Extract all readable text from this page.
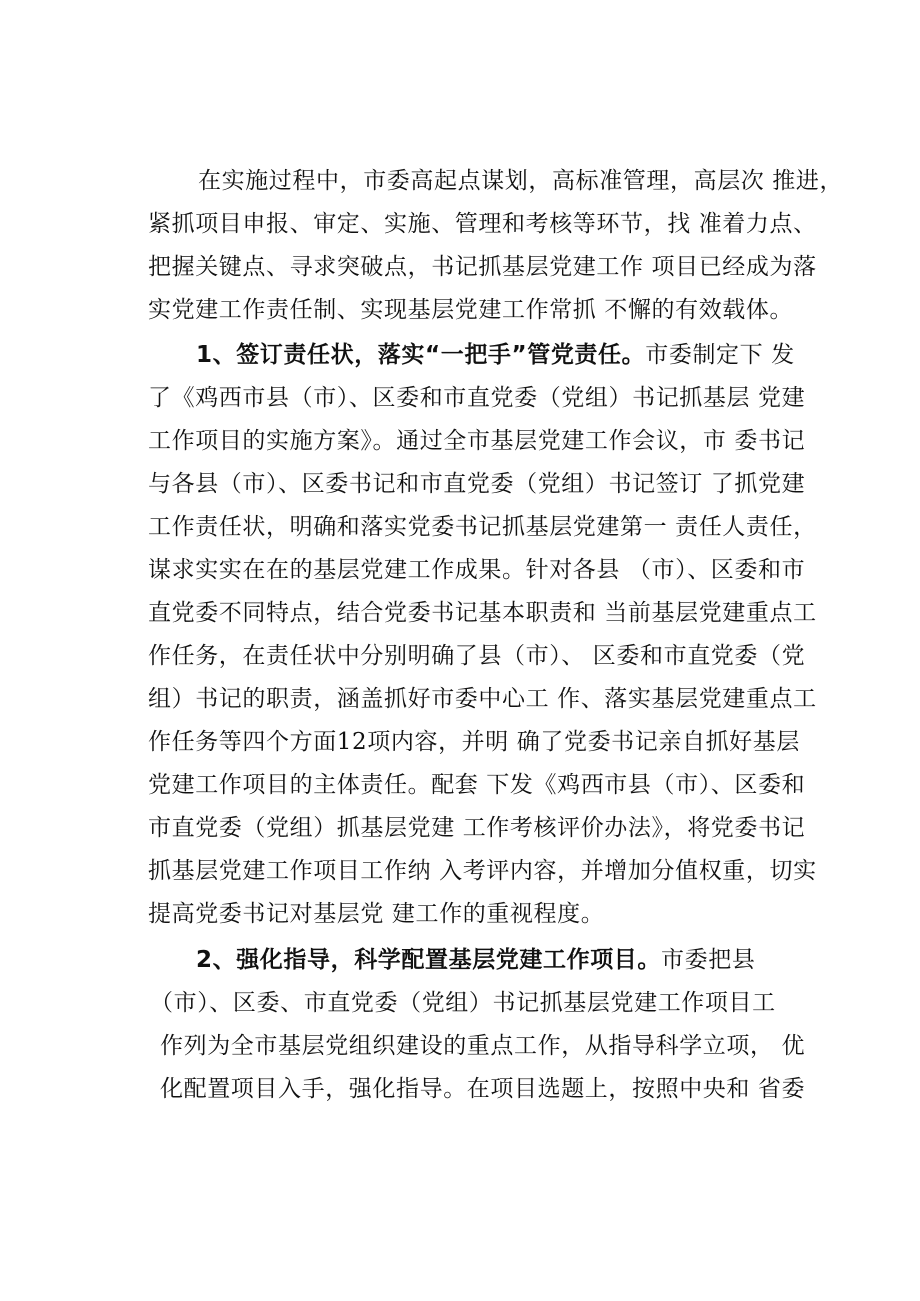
在实施过程中，市委高起点谋划，高标准管理，高层次 推进，
紧抓项目申报、审定、实施、管理和考核等环节，找 准着力点、
把握关键点、寻求突破点，书记抓基层党建工作 项目已经成为落
实党建工作责任制、实现基层党建工作常抓 不懈的有效载体。
1、签订责任状，落实“一把手”管党责任。市委制定下 发
了《鸡西市县（市）、区委和市直党委（党组）书记抓基层 党建
工作项目的实施方案》。通过全市基层党建工作会议，市 委书记
与各县（市）、区委书记和市直党委（党组）书记签订 了抓党建
工作责任状，明确和落实党委书记抓基层党建第一 责任人责任，
谋求实实在在的基层党建工作成果。针对各县 （市）、区委和市
直党委不同特点，结合党委书记基本职责和 当前基层党建重点工
作任务，在责任状中分别明确了县（市）、 区委和市直党委（党
组）书记的职责，涵盖抓好市委中心工 作、落实基层党建重点工
作任务等四个方面12项内容，并明 确了党委书记亲自抓好基层
党建工作项目的主体责任。配套 下发《鸡西市县（市）、区委和
市直党委（党组）抓基层党建 工作考核评价办法》，将党委书记
抓基层党建工作项目工作纳 入考评内容，并增加分值权重，切实
提高党委书记对基层党 建工作的重视程度。
2、强化指导，科学配置基层党建工作项目。市委把县
（市）、区委、市直党委（党组）书记抓基层党建工作项目工
作列为全市基层党组织建设的重点工作，从指导科学立项， 优
化配置项目入手，强化指导。在项目选题上，按照中央和 省委
